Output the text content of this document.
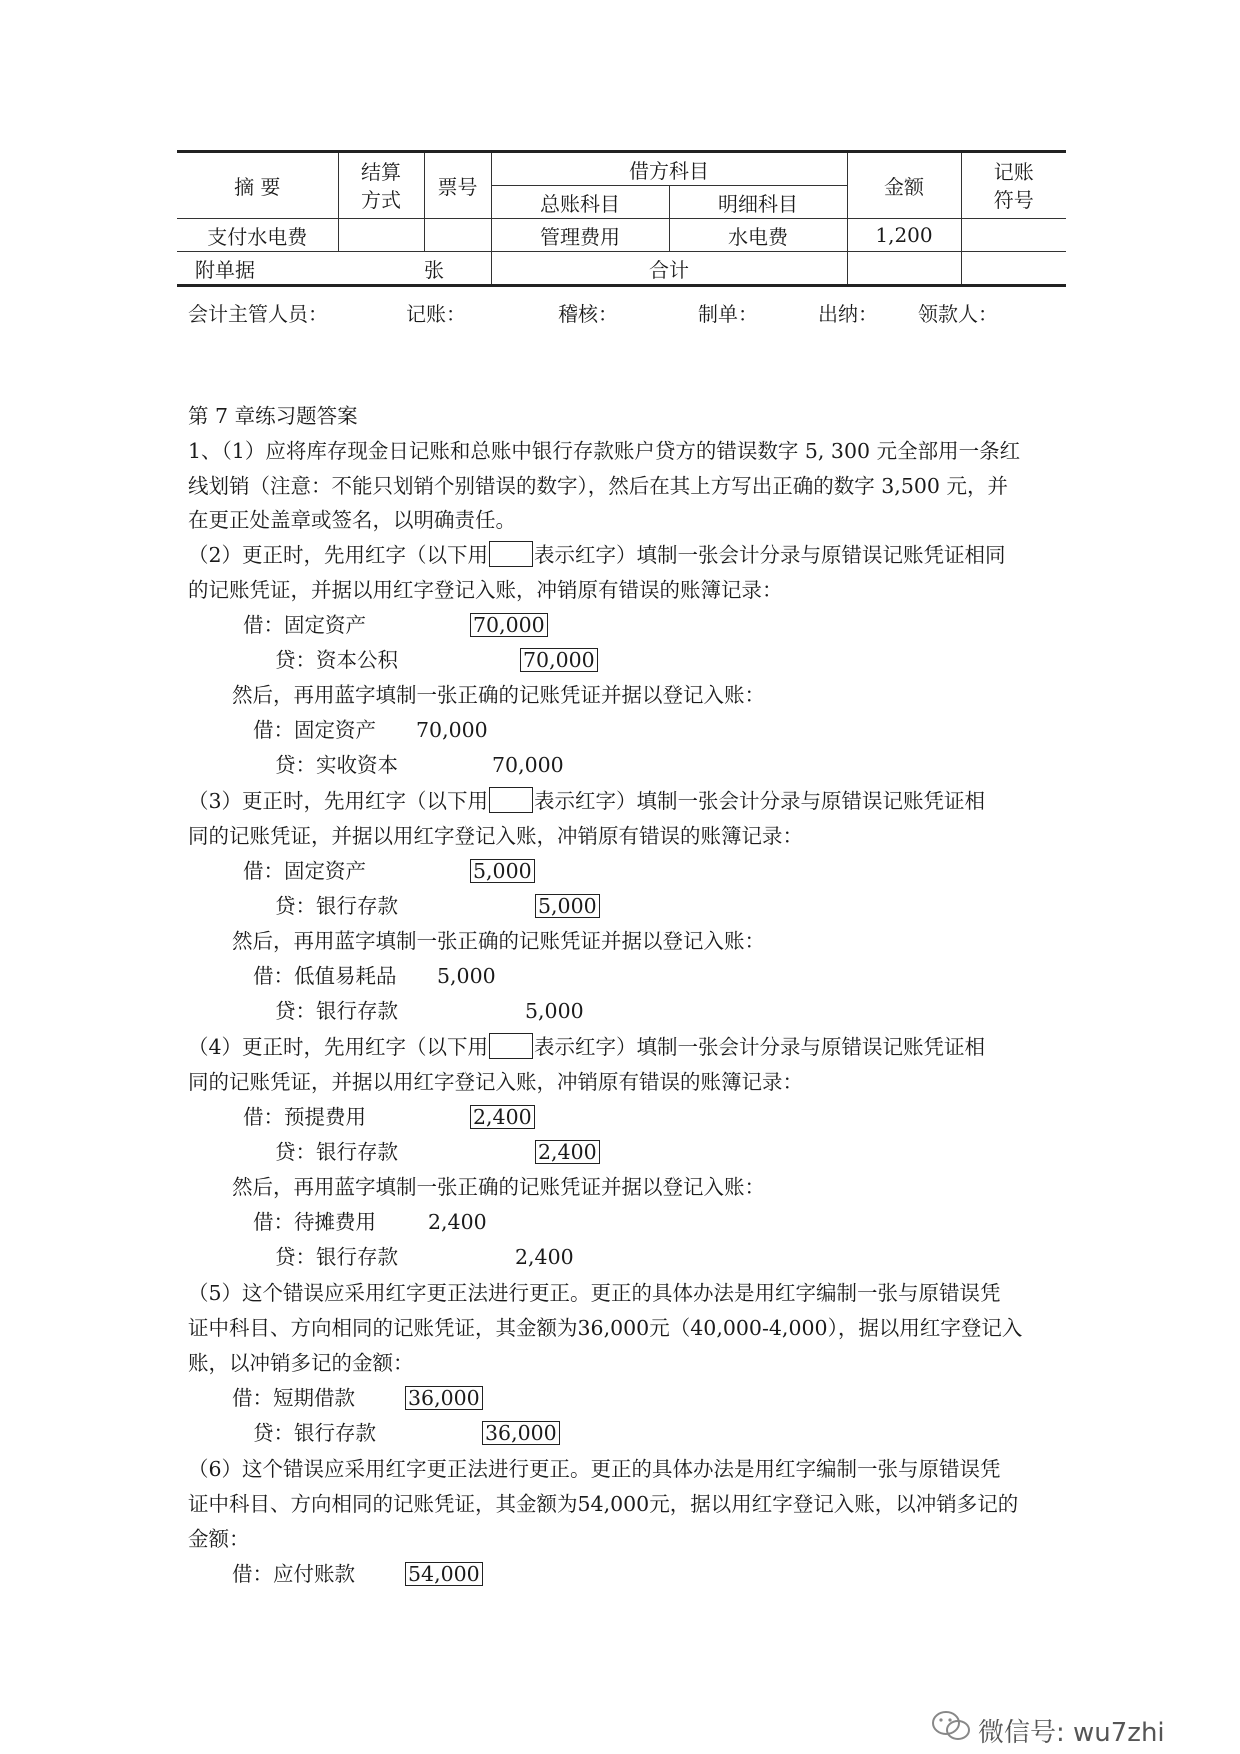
摘 要	结算
方式	票号	借方科目		金额	记账
符号
			总账科目	明细科目		
支付水电费			管理费用	水电费	1,200	
附单据		张	合计			
会计主管人员：	记账：	稽核：	制单：	出纳： 领款人：
第 7 章练习题答案
1、（1）应将库存现金日记账和总账中银行存款账户贷方的错误数字 5, 300 元全部用一条红
线划销（注意：不能只划销个别错误的数字），然后在其上方写出正确的数字 3,500 元，并
在更正处盖章或签名，以明确责任。
（2）更正时，先用红字（以下用 表示红字）填制一张会计分录与原错误记账凭证相同
的记账凭证，并据以用红字登记入账，冲销原有错误的账簿记录：
借：固定资产	70,000
贷：资本公积	70,000
然后，再用蓝字填制一张正确的记账凭证并据以登记入账：
借：固定资产 70,000
贷：实收资本	70,000
（3）更正时，先用红字（以下用 表示红字）填制一张会计分录与原错误记账凭证相
同的记账凭证，并据以用红字登记入账，冲销原有错误的账簿记录：
借：固定资产	5,000
贷：银行存款	5,000
然后，再用蓝字填制一张正确的记账凭证并据以登记入账：
借：低值易耗品 5,000
贷：银行存款	5,000
（4）更正时，先用红字（以下用 表示红字）填制一张会计分录与原错误记账凭证相
同的记账凭证，并据以用红字登记入账，冲销原有错误的账簿记录：
借：预提费用	2,400
贷：银行存款	2,400
然后，再用蓝字填制一张正确的记账凭证并据以登记入账：
借：待摊费用	2,400
贷：银行存款	2,400
（5）这个错误应采用红字更正法进行更正。更正的具体办法是用红字编制一张与原错误凭
证中科目、方向相同的记账凭证，其金额为36,000元（40,000-4,000），据以用红字登记入
账，以冲销多记的金额：
借：短期借款	36,000
贷：银行存款	36,000
（6）这个错误应采用红字更正法进行更正。更正的具体办法是用红字编制一张与原错误凭
证中科目、方向相同的记账凭证，其金额为54,000元，据以用红字登记入账，以冲销多记的
金额：
借：应付账款	54,000
微信号: wu7zhi
